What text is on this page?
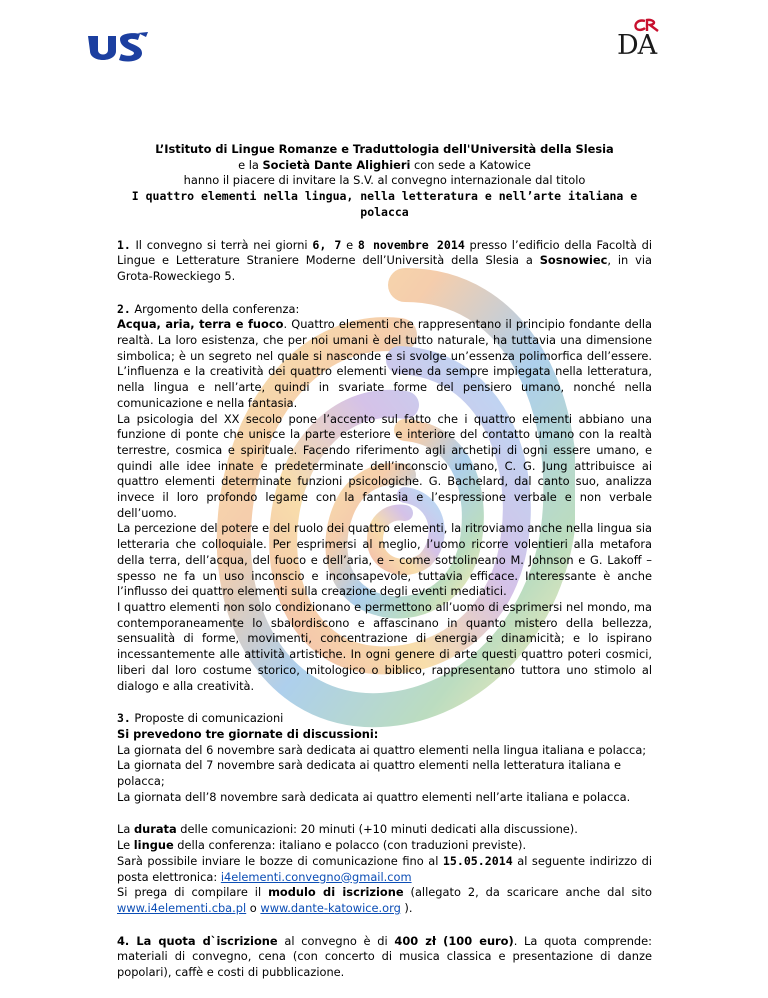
DA

L’Istituto di Lingue Romanze e Traduttologia dell'Università della Slesia

e la Società Dante Alighieri con sede a Katowice

hanno il piacere di invitare la S.V. al convegno internazionale dal titolo

I quattro elementi nella lingua, nella letteratura e nell’arte italiana e polacca

1. Il convegno si terrà nei giorni 6, 7 e 8 novembre 2014 presso l’edificio della Facoltà di Lingue e Letterature Straniere Moderne dell’Università della Slesia a Sosnowiec, in via Grota-Roweckiego 5.

2. Argomento della conferenza:

Acqua, aria, terra e fuoco. Quattro elementi che rappresentano il principio fondante della realtà. La loro esistenza, che per noi umani è del tutto naturale, ha tuttavia una dimensione simbolica; è un segreto nel quale si nasconde e si svolge un’essenza polimorfica dell’essere. L’influenza e la creatività dei quattro elementi viene da sempre impiegata nella letteratura, nella lingua e nell’arte, quindi in svariate forme del pensiero umano, nonché nella comunicazione e nella fantasia.

La psicologia del XX secolo pone l’accento sul fatto che i quattro elementi abbiano una funzione di ponte che unisce la parte esteriore e interiore del contatto umano con la realtà terrestre, cosmica e spirituale. Facendo riferimento agli archetipi di ogni essere umano, e quindi alle idee innate e predeterminate dell’inconscio umano, C. G. Jung attribuisce ai quattro elementi determinate funzioni psicologiche. G. Bachelard, dal canto suo, analizza invece il loro profondo legame con la fantasia e l’espressione verbale e non verbale dell’uomo.

La percezione del potere e del ruolo dei quattro elementi, la ritroviamo anche nella lingua sia letteraria che colloquiale. Per esprimersi al meglio, l’uomo ricorre volentieri alla metafora della terra, dell’acqua, del fuoco e dell’aria, e – come sottolineano M. Johnson e G. Lakoff – spesso ne fa un uso inconscio e inconsapevole, tuttavia efficace. Interessante è anche l’influsso dei quattro elementi sulla creazione degli eventi mediatici.

I quattro elementi non solo condizionano e permettono all’uomo di esprimersi nel mondo, ma contemporaneamente lo sbalordiscono e affascinano in quanto mistero della bellezza, sensualità di forme, movimenti, concentrazione di energia e dinamicità; e lo ispirano incessantemente alle attività artistiche. In ogni genere di arte questi quattro poteri cosmici, liberi dal loro costume storico, mitologico o biblico, rappresentano tuttora uno stimolo al dialogo e alla creatività.

3. Proposte di comunicazioni

Si prevedono tre giornate di discussioni:

La giornata del 6 novembre sarà dedicata ai quattro elementi nella lingua italiana e polacca;

La giornata del 7 novembre sarà dedicata ai quattro elementi nella letteratura italiana e polacca;

La giornata dell’8 novembre sarà dedicata ai quattro elementi nell’arte italiana e polacca.

La durata delle comunicazioni: 20 minuti (+10 minuti dedicati alla discussione).

Le lingue della conferenza: italiano e polacco (con traduzioni previste).

Sarà possibile inviare le bozze di comunicazione fino al 15.05.2014 al seguente indirizzo di posta elettronica: i4elementi.convegno@gmail.com

Si prega di compilare il modulo di iscrizione (allegato 2, da scaricare anche dal sito www.i4elementi.cba.pl o www.dante-katowice.org ).

4. La quota d`iscrizione al convegno è di 400 zł (100 euro). La quota comprende: materiali di convegno, cena (con concerto di musica classica e presentazione di danze popolari), caffè e costi di pubblicazione.
